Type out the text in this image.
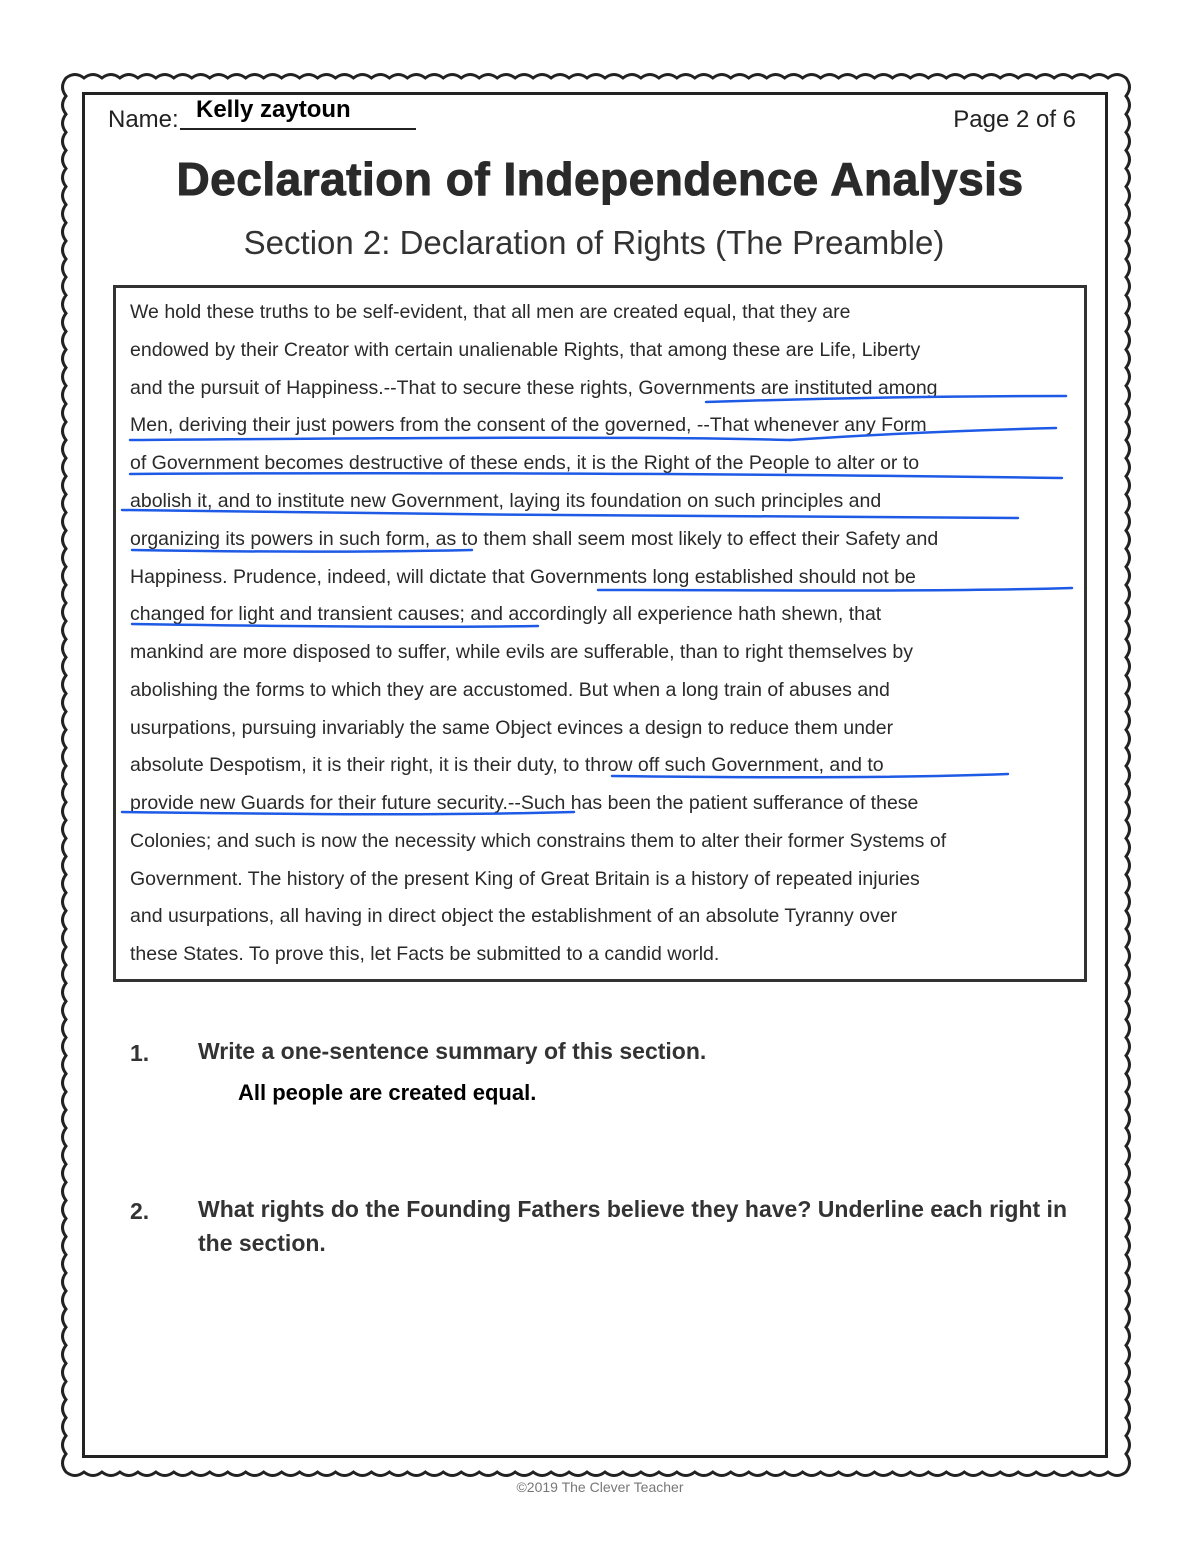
Name: Kelly zaytoun	Page 2 of 6
Declaration of Independence Analysis
Section 2: Declaration of Rights (The Preamble)
We hold these truths to be self-evident, that all men are created equal, that they are
endowed by their Creator with certain unalienable Rights, that among these are Life, Liberty
and the pursuit of Happiness.--That to secure these rights, Governments are instituted among
Men, deriving their just powers from the consent of the governed, --That whenever any Form
of Government becomes destructive of these ends, it is the Right of the People to alter or to
abolish it, and to institute new Government, laying its foundation on such principles and
organizing its powers in such form, as to them shall seem most likely to effect their Safety and
Happiness. Prudence, indeed, will dictate that Governments long established should not be
changed for light and transient causes; and accordingly all experience hath shewn, that
mankind are more disposed to suffer, while evils are sufferable, than to right themselves by
abolishing the forms to which they are accustomed. But when a long train of abuses and
usurpations, pursuing invariably the same Object evinces a design to reduce them under
absolute Despotism, it is their right, it is their duty, to throw off such Government, and to
provide new Guards for their future security.--Such has been the patient sufferance of these
Colonies; and such is now the necessity which constrains them to alter their former Systems of
Government. The history of the present King of Great Britain is a history of repeated injuries
and usurpations, all having in direct object the establishment of an absolute Tyranny over
these States. To prove this, let Facts be submitted to a candid world.
1. Write a one-sentence summary of this section.
All people are created equal.
2. What rights do the Founding Fathers believe they have? Underline each right in the section.
©2019 The Clever Teacher
